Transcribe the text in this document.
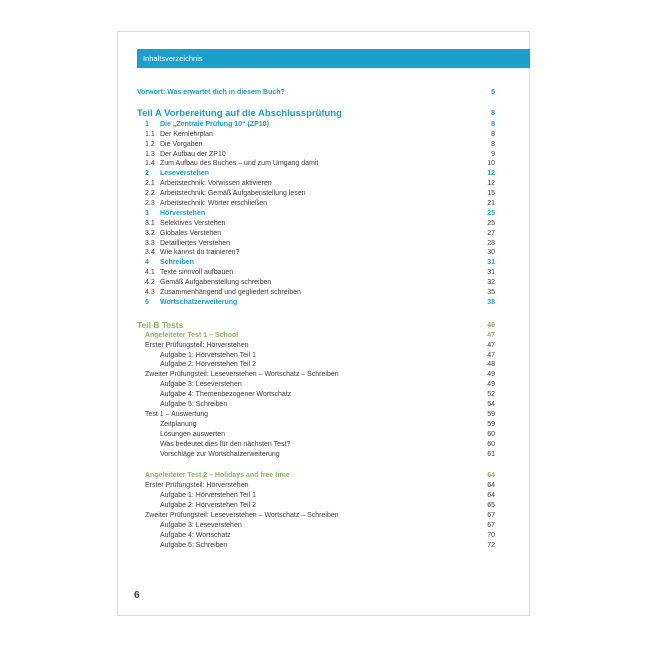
Inhaltsverzeichnis
Vorwort: Was erwartet dich in diesem Buch?	5
Teil A Vorbereitung auf die Abschlussprüfung	8
1 Die „Zentrale Prüfung 10“ (ZP10)	8
1.1 Der Kernlehrplan	8
1.2 Die Vorgaben	8
1.3 Der Aufbau der ZP10	9
1.4 Zum Aufbau des Buches – und zum Umgang damit	10
2 Leseverstehen	12
2.1 Arbeitstechnik: Vorwissen aktivieren	12
2.2 Arbeitstechnik: Gemäß Aufgabenstellung lesen	15
2.3 Arbeitstechnik: Wörter erschließen	21
3 Hörverstehen	25
3.1 Selektives Verstehen	25
3.2 Globales Verstehen	27
3.3 Detailliertes Verstehen	28
3.4 Wie kannst du trainieren?	30
4 Schreiben	31
4.1 Texte sinnvoll aufbauen	31
4.2 Gemäß Aufgabenstellung schreiben	32
4.3 Zusammenhängend und gegliedert schreiben	35
5 Wortschatzerweiterung	38
Teil B Tests	46
Angeleiteter Test 1 – School	47
Erster Prüfungsteil: Hörverstehen	47
Aufgabe 1: Hörverstehen Teil 1	47
Aufgabe 2: Hörverstehen Teil 2	48
Zweiter Prüfungsteil: Leseverstehen – Wortschatz – Schreiben	49
Aufgabe 3: Leseverstehen	49
Aufgabe 4: Themenbezogener Wortschatz	52
Aufgabe 5: Schreiben	54
Test 1 – Auswertung	59
Zeitplanung	59
Lösungen auswerten	60
Was bedeutet dies für den nächsten Test?	60
Vorschläge zur Wortschatzerweiterung	61
Angeleiteter Test 2 – Holidays and free time	64
Erster Prüfungsteil: Hörverstehen	64
Aufgabe 1: Hörverstehen Teil 1	64
Aufgabe 2: Hörverstehen Teil 2	65
Zweiter Prüfungsteil: Leseverstehen – Wortschatz – Schreiben	67
Aufgabe 3: Leseverstehen	67
Aufgabe 4: Wortschatz	70
Aufgabe 5: Schreiben	72
6
